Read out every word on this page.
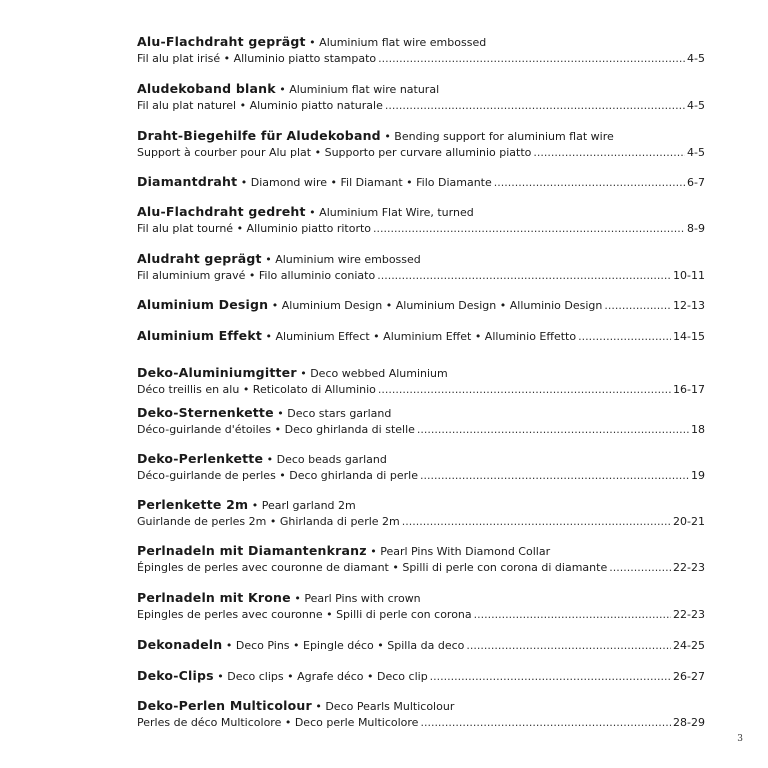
Alu-Flachdraht geprägt • Aluminium flat wire embossed
Fil alu plat irisé • Alluminio piatto stampato .....	4-5
Aludekoband blank • Aluminium flat wire natural
Fil alu plat naturel • Aluminio piatto naturale .....	4-5
Draht-Biegehilfe für Aludekoband • Bending support for aluminium flat wire
Support à courber pour Alu plat • Supporto per curvare alluminio piatto .....	4-5
Diamantdraht • Diamond wire • Fil Diamant • Filo Diamante .....	6-7
Alu-Flachdraht gedreht • Aluminium Flat Wire, turned
Fil alu plat tourné • Alluminio piatto ritorto .....	8-9
Aludraht geprägt • Aluminium wire embossed
Fil aluminium gravé • Filo alluminio coniato .....	10-11
Aluminium Design • Aluminium Design • Aluminium Design • Alluminio Design .....	12-13
Aluminium Effekt • Aluminium Effect • Aluminium Effet • Alluminio Effetto .....	14-15
Deko-Aluminiumgitter • Deco webbed Aluminium
Déco treillis en alu • Reticolato di Alluminio .....	16-17
Deko-Sternenkette • Deco stars garland
Déco-guirlande d'étoiles • Deco ghirlanda di stelle .....	18
Deko-Perlenkette • Deco beads garland
Déco-guirlande de perles • Deco ghirlanda di perle .....	19
Perlenkette 2m • Pearl garland 2m
Guirlande de perles 2m • Ghirlanda di perle 2m .....	20-21
Perlnadeln mit Diamantenkranz • Pearl Pins With Diamond Collar
Épingles de perles avec couronne de diamant • Spilli di perle con corona di diamante .....	22-23
Perlnadeln mit Krone • Pearl Pins with crown
Epingles de perles avec couronne • Spilli di perle con corona .....	22-23
Dekonadeln • Deco Pins • Epingle déco • Spilla da deco .....	24-25
Deko-Clips • Deco clips • Agrafe déco • Deco clip .....	26-27
Deko-Perlen Multicolour • Deco Pearls Multicolour
Perles de déco Multicolore • Deco perle Multicolore .....	28-29
3
